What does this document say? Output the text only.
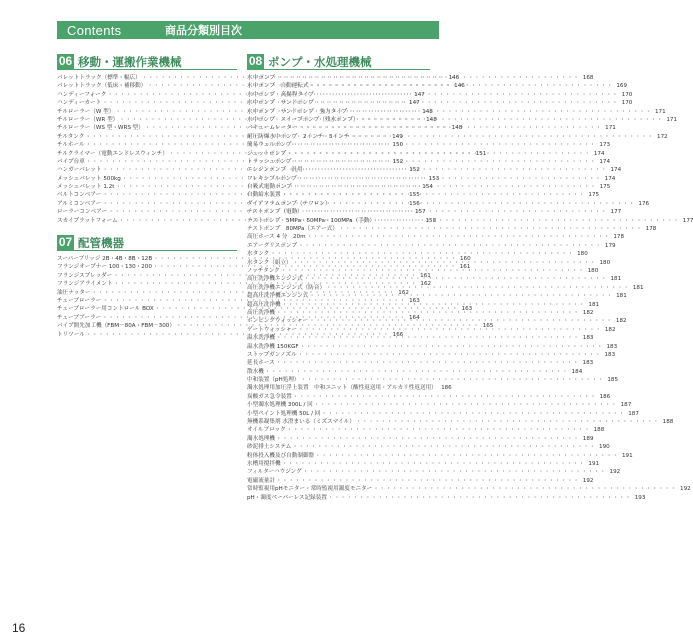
Contents	商品分類別目次
06 移動・運搬作業機械
パレットトラック（標準・幅広） ・・・・・・・・・・・・・・・・・・・・・・・・・・・・・・・・・・・・・・・・・・・・・・・・・	146
パレットトラック（低床・補移動） ・・・・・・・・・・・・・・・・・・・・・・・・・・・・・・・・・・・・・・・・・・・・・・・・・	146
ハンディーフォーク ・・・・・・・・・・・・・・・・・・・・・・・・・・・・・・・・・・・・・・・・・・・・・・・・・	147
ハンディーカート ・・・・・・・・・・・・・・・・・・・・・・・・・・・・・・・・・・・・・・・・・・・・・・・・・	147
チルローラー（W 型） ・・・・・・・・・・・・・・・・・・・・・・・・・・・・・・・・・・・・・・・・・・・・・・・・・	148
チルローラー（WR 型） ・・・・・・・・・・・・・・・・・・・・・・・・・・・・・・・・・・・・・・・・・・・・・・・・・	148
チルローラー（WS 型・WRS 型） ・・・・・・・・・・・・・・・・・・・・・・・・・・・・・・・・・・・・・・・・・・・・・・・・・	148
チルタンク ・・・・・・・・・・・・・・・・・・・・・・・・・・・・・・・・・・・・・・・・・・・・・・・・・	149
チルホール ・・・・・・・・・・・・・・・・・・・・・・・・・・・・・・・・・・・・・・・・・・・・・・・・・	150
チルクライマー（電動エンドレスウィンチ） ・・・・・・・・・・・・・・・・・・・・・・・・・・・・・・・・・・・・・・・・・・・・・・・・・	151
パイプ台車 ・・・・・・・・・・・・・・・・・・・・・・・・・・・・・・・・・・・・・・・・・・・・・・・・・	152
ハンガーパレット ・・・・・・・・・・・・・・・・・・・・・・・・・・・・・・・・・・・・・・・・・・・・・・・・・	152
メッシュパレット 500kg ・・・・・・・・・・・・・・・・・・・・・・・・・・・・・・・・・・・・・・・・・・・・・・・・・	153
メッシュパレット 1.2t ・・・・・・・・・・・・・・・・・・・・・・・・・・・・・・・・・・・・・・・・・・・・・・・・・	154
ベルトコンベアー ・・・・・・・・・・・・・・・・・・・・・・・・・・・・・・・・・・・・・・・・・・・・・・・・・	155
アルミコンベアー ・・・・・・・・・・・・・・・・・・・・・・・・・・・・・・・・・・・・・・・・・・・・・・・・・	156
ローラーコンベアー ・・・・・・・・・・・・・・・・・・・・・・・・・・・・・・・・・・・・・・・・・・・・・・・・・	157
スカイプラットフォーム ・・・・・・・・・・・・・・・・・・・・・・・・・・・・・・・・・・・・・・・・・・・・・・・・・	158
07 配管機器
スーパーブリッジ 2B・4B・8B・12B ・・・・・・・・・・・・・・・・・・・・・・・・・・・・・・・・・・・・・・・・・・・・・・・・・	160
フランジオープナー 100・130・200 ・・・・・・・・・・・・・・・・・・・・・・・・・・・・・・・・・・・・・・・・・・・・・・・・・	161
フランジスプレッダー ・・・・・・・・・・・・・・・・・・・・・・・・・・・・・・・・・・・・・・・・・・・・・・・・・	161
フランジアライメント ・・・・・・・・・・・・・・・・・・・・・・・・・・・・・・・・・・・・・・・・・・・・・・・・・	162
油圧ナッター ・・・・・・・・・・・・・・・・・・・・・・・・・・・・・・・・・・・・・・・・・・・・・・・・・	162
チューブローラー ・・・・・・・・・・・・・・・・・・・・・・・・・・・・・・・・・・・・・・・・・・・・・・・・・	163
チューブローラー用コントロール BOX ・・・・・・・・・・・・・・・・・・・・・・・・・・・・・・・・・・・・・・・・・・・・・・・・・	163
チューブブーラー ・・・・・・・・・・・・・・・・・・・・・・・・・・・・・・・・・・・・・・・・・・・・・・・・・	164
パイプ開先加工機（FBM－80A・FBM－300） ・・・・・・・・・・・・・・・・・・・・・・・・・・・・・・・・・・・・・・・・・・・・・・・・・	165
トリツール ・・・・・・・・・・・・・・・・・・・・・・・・・・・・・・・・・・・・・・・・・・・・・・・・・	166
08 ポンプ・水処理機械
水中ポンプ ・・・・・・・・・・・・・・・・・・・・・・・・・・・・・・・・・・・・・・・・・・・・・・・・・	168
水中ポンプ　自動運転式 ・・・・・・・・・・・・・・・・・・・・・・・・・・・・・・・・・・・・・・・・・・・・・・・・・	169
水中ポンプ　高揚程タイプ ・・・・・・・・・・・・・・・・・・・・・・・・・・・・・・・・・・・・・・・・・・・・・・・・・	170
水中ポンプ　サンドポンプ ・・・・・・・・・・・・・・・・・・・・・・・・・・・・・・・・・・・・・・・・・・・・・・・・・	170
水中ポンプ　サンドポンプ　強力タイプ ・・・・・・・・・・・・・・・・・・・・・・・・・・・・・・・・・・・・・・・・・・・・・・・・・	171
水中ポンプ　スイープポンプ（残水ポンプ） ・・・・・・・・・・・・・・・・・・・・・・・・・・・・・・・・・・・・・・・・・・・・・・・・・	171
バキュームレーター ・・・・・・・・・・・・・・・・・・・・・・・・・・・・・・・・・・・・・・・・・・・・・・・・・	171
耐圧防爆水中ポンプ　2インチ・3インチ ・・・・・・・・・・・・・・・・・・・・・・・・・・・・・・・・・・・・・・・・・・・・・・・・・	172
簡易ウェルポンプ ・・・・・・・・・・・・・・・・・・・・・・・・・・・・・・・・・・・・・・・・・・・・・・・・・	173
ジェットポンプ ・・・・・・・・・・・・・・・・・・・・・・・・・・・・・・・・・・・・・・・・・・・・・・・・・	174
トラッシュポンプ ・・・・・・・・・・・・・・・・・・・・・・・・・・・・・・・・・・・・・・・・・・・・・・・・・	174
エンジンポンプ　汎用 ・・・・・・・・・・・・・・・・・・・・・・・・・・・・・・・・・・・・・・・・・・・・・・・・・	174
フレキシブルポンプ ・・・・・・・・・・・・・・・・・・・・・・・・・・・・・・・・・・・・・・・・・・・・・・・・・	174
自吸式電動ポンプ ・・・・・・・・・・・・・・・・・・・・・・・・・・・・・・・・・・・・・・・・・・・・・・・・・	175
自動給水装置 ・・・・・・・・・・・・・・・・・・・・・・・・・・・・・・・・・・・・・・・・・・・・・・・・・	175
ダイアフラムポンプ（テフロン） ・・・・・・・・・・・・・・・・・・・・・・・・・・・・・・・・・・・・・・・・・・・・・・・・・	176
テストポンプ（電動） ・・・・・・・・・・・・・・・・・・・・・・・・・・・・・・・・・・・・・・・・・・・・・・・・・	177
テストポンプ　5MPa・50MPa・100MPa（手動） ・・・・・・・・・・・・・・・・・・・・・・・・・・・・・・・・・・・・・・・・・・・・・・・・・	177
テストポンプ　80MPa（エアー式） ・・・・・・・・・・・・・・・・・・・・・・・・・・・・・・・・・・・・・・・・・・・・・・・・・	178
高圧ホース 4 分　20m ・・・・・・・・・・・・・・・・・・・・・・・・・・・・・・・・・・・・・・・・・・・・・・・・・	178
エアーグリスポンプ ・・・・・・・・・・・・・・・・・・・・・・・・・・・・・・・・・・・・・・・・・・・・・・・・・	179
水タンク ・・・・・・・・・・・・・・・・・・・・・・・・・・・・・・・・・・・・・・・・・・・・・・・・・	180
水タンク（組立） ・・・・・・・・・・・・・・・・・・・・・・・・・・・・・・・・・・・・・・・・・・・・・・・・・	180
ノッチタンク ・・・・・・・・・・・・・・・・・・・・・・・・・・・・・・・・・・・・・・・・・・・・・・・・・	180
高圧洗浄機エンジン式 ・・・・・・・・・・・・・・・・・・・・・・・・・・・・・・・・・・・・・・・・・・・・・・・・・	181
高圧洗浄機エンジン式（防音） ・・・・・・・・・・・・・・・・・・・・・・・・・・・・・・・・・・・・・・・・・・・・・・・・・	181
超高圧洗浄機エンジン式 ・・・・・・・・・・・・・・・・・・・・・・・・・・・・・・・・・・・・・・・・・・・・・・・・・	181
超高圧洗浄機 ・・・・・・・・・・・・・・・・・・・・・・・・・・・・・・・・・・・・・・・・・・・・・・・・・	181
高圧洗浄機 ・・・・・・・・・・・・・・・・・・・・・・・・・・・・・・・・・・・・・・・・・・・・・・・・・	182
ボンピングウォッシャー ・・・・・・・・・・・・・・・・・・・・・・・・・・・・・・・・・・・・・・・・・・・・・・・・・	182
ゲートウォッシャー ・・・・・・・・・・・・・・・・・・・・・・・・・・・・・・・・・・・・・・・・・・・・・・・・・	182
温水洗浄機 ・・・・・・・・・・・・・・・・・・・・・・・・・・・・・・・・・・・・・・・・・・・・・・・・・	183
温水洗浄機 150KGF ・・・・・・・・・・・・・・・・・・・・・・・・・・・・・・・・・・・・・・・・・・・・・・・・・	183
ストップガンノズル ・・・・・・・・・・・・・・・・・・・・・・・・・・・・・・・・・・・・・・・・・・・・・・・・・	183
延長ホース ・・・・・・・・・・・・・・・・・・・・・・・・・・・・・・・・・・・・・・・・・・・・・・・・・	183
散水機 ・・・・・・・・・・・・・・・・・・・・・・・・・・・・・・・・・・・・・・・・・・・・・・・・・	184
中和装置（pH処理） ・・・・・・・・・・・・・・・・・・・・・・・・・・・・・・・・・・・・・・・・・・・・・・・・・	185
濁水処理用加圧浮上装置　中和ユニット（酸性返送用・アルカリ性返送用） ・・・・・・・・・・・・・・・・・・・・・・・・・・・・・・・・・・・・・・・・・・・・・・・・・ 186
炭酸ガス急令装置 ・・・・・・・・・・・・・・・・・・・・・・・・・・・・・・・・・・・・・・・・・・・・・・・・・	186
小型濁水処理機 300L / 回 ・・・・・・・・・・・・・・・・・・・・・・・・・・・・・・・・・・・・・・・・・・・・・・・・・	187
小型ペイント処理機 50L / 回 ・・・・・・・・・・・・・・・・・・・・・・・・・・・・・・・・・・・・・・・・・・・・・・・・・	187
無機系凝集剤 水澄まいる（ミズスマイル） ・・・・・・・・・・・・・・・・・・・・・・・・・・・・・・・・・・・・・・・・・・・・・・・・・	188
オイルブロック ・・・・・・・・・・・・・・・・・・・・・・・・・・・・・・・・・・・・・・・・・・・・・・・・・	188
濁水処理機 ・・・・・・・・・・・・・・・・・・・・・・・・・・・・・・・・・・・・・・・・・・・・・・・・・	189
砂泥排土システム ・・・・・・・・・・・・・・・・・・・・・・・・・・・・・・・・・・・・・・・・・・・・・・・・・	190
粉体投入機及び自動制御盤 ・・・・・・・・・・・・・・・・・・・・・・・・・・・・・・・・・・・・・・・・・・・・・・・・・	191
水槽用撹拌機 ・・・・・・・・・・・・・・・・・・・・・・・・・・・・・・・・・・・・・・・・・・・・・・・・・	191
フィルターハウジング ・・・・・・・・・・・・・・・・・・・・・・・・・・・・・・・・・・・・・・・・・・・・・・・・・	192
電磁流量計 ・・・・・・・・・・・・・・・・・・・・・・・・・・・・・・・・・・・・・・・・・・・・・・・・・	192
常時監視用pHモニター・常時監視用濁度モニター ・・・・・・・・・・・・・・・・・・・・・・・・・・・・・・・・・・・・・・・・・・・・・・・・・	192
pH・濁度ペーパーレス記録装置 ・・・・・・・・・・・・・・・・・・・・・・・・・・・・・・・・・・・・・・・・・・・・・・・・・	193
16
